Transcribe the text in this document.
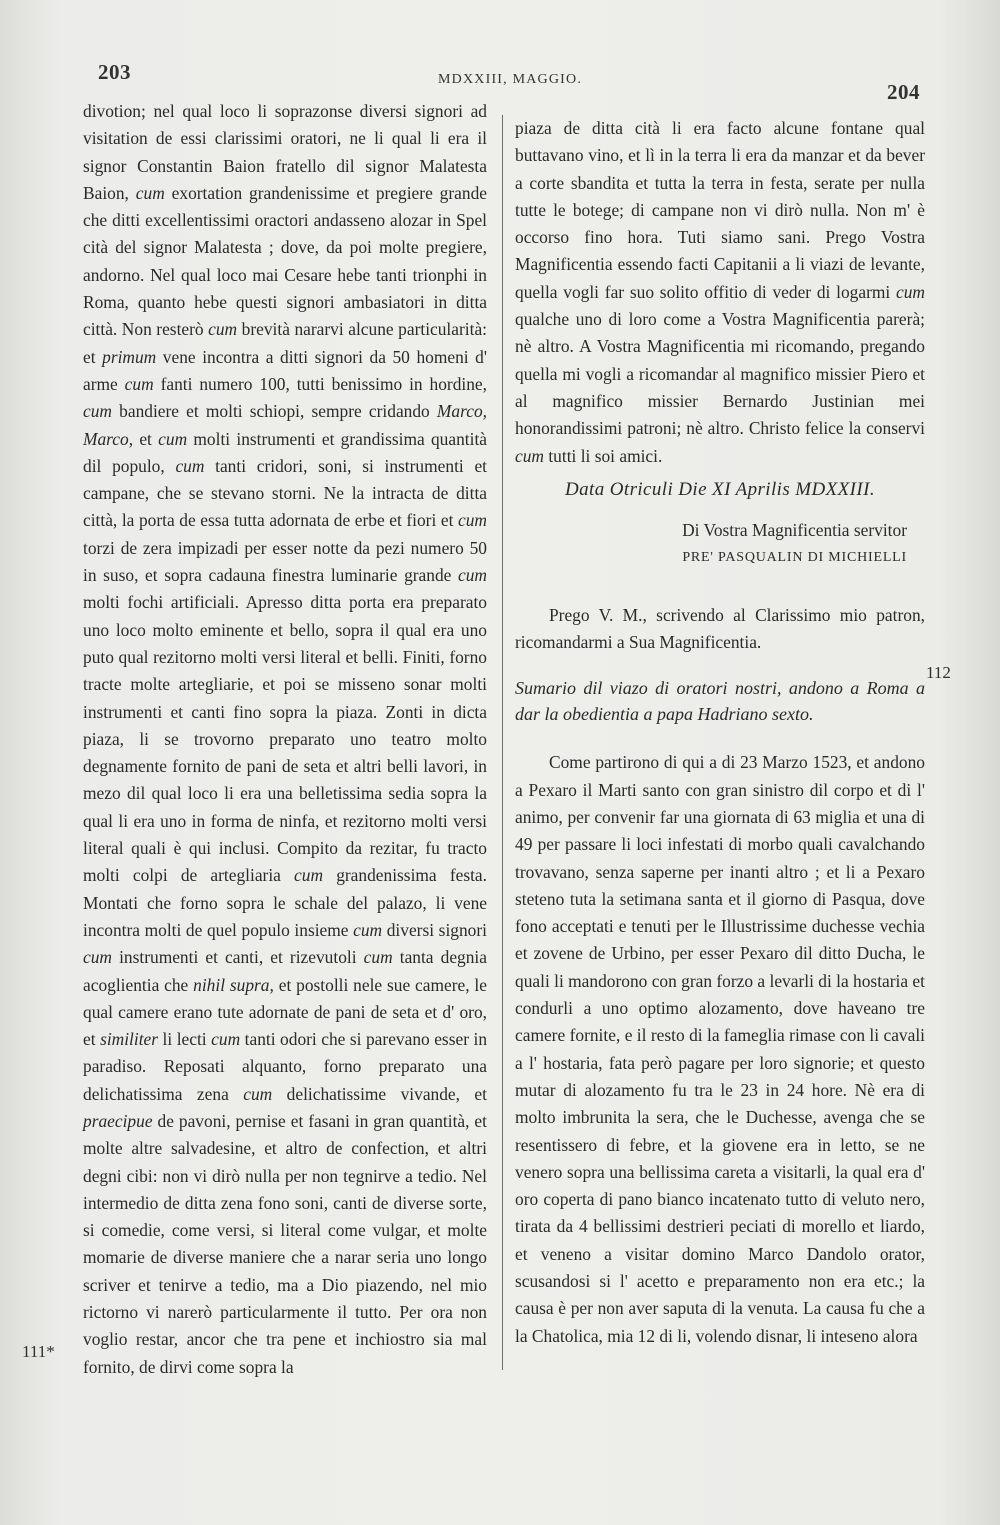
203	MDXXIII, MAGGIO.
204

divotion; nel qual loco li soprazonse diversi signori ad visitation de essi clarissimi oratori, ne li qual li era il signor Constantin Baion fratello dil signor Malatesta Baion, cum exortation grandenissime et pregiere grande che ditti excellentissimi oractori andasseno alozar in Spel cità del signor Malatesta ; dove, da poi molte pregiere, andorno. Nel qual loco mai Cesare hebe tanti trionphi in Roma, quanto hebe questi signori ambasiatori in ditta città. Non resterò cum brevità nararvi alcune particularità: et primum vene incontra a ditti signori da 50 homeni d' arme cum fanti numero 100, tutti benissimo in hordine, cum bandiere et molti schiopi, sempre cridando Marco, Marco, et cum molti instrumenti et grandissima quantità dil populo, cum tanti cridori, soni, si instrumenti et campane, che se stevano storni. Ne la intracta de ditta città, la porta de essa tutta adornata de erbe et fiori et cum torzi de zera impizadi per esser notte da pezi numero 50 in suso, et sopra cadauna finestra luminarie grande cum molti fochi artificiali. Apresso ditta porta era preparato uno loco molto eminente et bello, sopra il qual era uno puto qual rezitorno molti versi literal et belli. Finiti, forno tracte molte artegliarie, et poi se misseno sonar molti instrumenti et canti fino sopra la piaza. Zonti in dicta piaza, li se trovorno preparato uno teatro molto degnamente fornito de pani de seta et altri belli lavori, in mezo dil qual loco li era una belletissima sedia sopra la qual li era uno in forma de ninfa, et rezitorno molti versi literal quali è qui inclusi. Compito da rezitar, fu tracto molti colpi de artegliaria cum grandenissima festa. Montati che forno sopra le schale del palazo, li vene incontra molti de quel populo insieme cum diversi signori cum instrumenti et canti, et rizevutoli cum tanta degnia acoglientia che nihil supra, et postolli nele sue camere, le qual camere erano tute adornate de pani de seta et d' oro, et similiter li lecti cum tanti odori che si parevano esser in paradiso. Reposati alquanto, forno preparato una delichatissima zena cum delichatissime vivande, et praecipue de pavoni, pernise et fasani in gran quantità, et molte altre salvadesine, et altro de confection, et altri degni cibi: non vi dirò nulla per non tegnirve a tedio. Nel intermedio de ditta zena fono soni, canti de diverse sorte, si comedie, come versi, si literal come vulgar, et molte momarie de diverse maniere che a narar seria uno longo scriver et tenirve a tedio, ma a Dio piazendo, nel mio rictorno vi narerò particularmente il tutto. Per ora non voglio restar, ancor che tra pene et inchiostro sia mal fornito, de dirvi come sopra la

piaza de ditta cità li era facto alcune fontane qual buttavano vino, et lì in la terra li era da manzar et da bever a corte sbandita et tutta la terra in festa, serate per nulla tutte le botege; di campane non vi dirò nulla. Non m' è occorso fino hora. Tuti siamo sani. Prego Vostra Magnificentia essendo facti Capitanii a li viazi de levante, quella vogli far suo solito offitio di veder di logarmi cum qualche uno di loro come a Vostra Magnificentia parerà; nè altro. A Vostra Magnificentia mi ricomando, pregando quella mi vogli a ricomandar al magnifico missier Piero et al magnifico missier Bernardo Justinian mei honorandissimi patroni; nè altro. Christo felice la conservi cum tutti li soi amici.

Data Otriculi Die XI Aprilis MDXXIII.

Di Vostra Magnificentia servitor

PRE' PASQUALIN DI MICHIELLI

Prego V. M., scrivendo al Clarissimo mio patron, ricomandarmi a Sua Magnificentia.

Sumario dil viazo di oratori nostri, andono a Roma a dar la obedientia a papa Hadriano sexto.

Come partirono di qui a di 23 Marzo 1523, et andono a Pexaro il Marti santo con gran sinistro dil corpo et di l' animo, per convenir far una giornata di 63 miglia et una di 49 per passare li loci infestati di morbo quali cavalchando trovavano, senza saperne per inanti altro ; et li a Pexaro steteno tuta la setimana santa et il giorno di Pasqua, dove fono acceptati e tenuti per le Illustrissime duchesse vechia et zovene de Urbino, per esser Pexaro dil ditto Ducha, le quali li mandorono con gran forzo a levarli di la hostaria et condurli a uno optimo alozamento, dove haveano tre camere fornite, e il resto di la fameglia rimase con li cavali a l' hostaria, fata però pagare per loro signorie; et questo mutar di alozamento fu tra le 23 in 24 hore. Nè era di molto imbrunita la sera, che le Duchesse, avenga che se resentissero di febre, et la giovene era in letto, se ne venero sopra una bellissima careta a visitarli, la qual era d' oro coperta di pano bianco incatenato tutto di veluto nero, tirata da 4 bellissimi destrieri peciati di morello et liardo, et veneno a visitar domino Marco Dandolo orator, scusandosi si l' acetto e preparamento non era etc.; la causa è per non aver saputa di la venuta. La causa fu che a la Chatolica, mia 12 di li, volendo disnar, li inteseno alora

111*
112
